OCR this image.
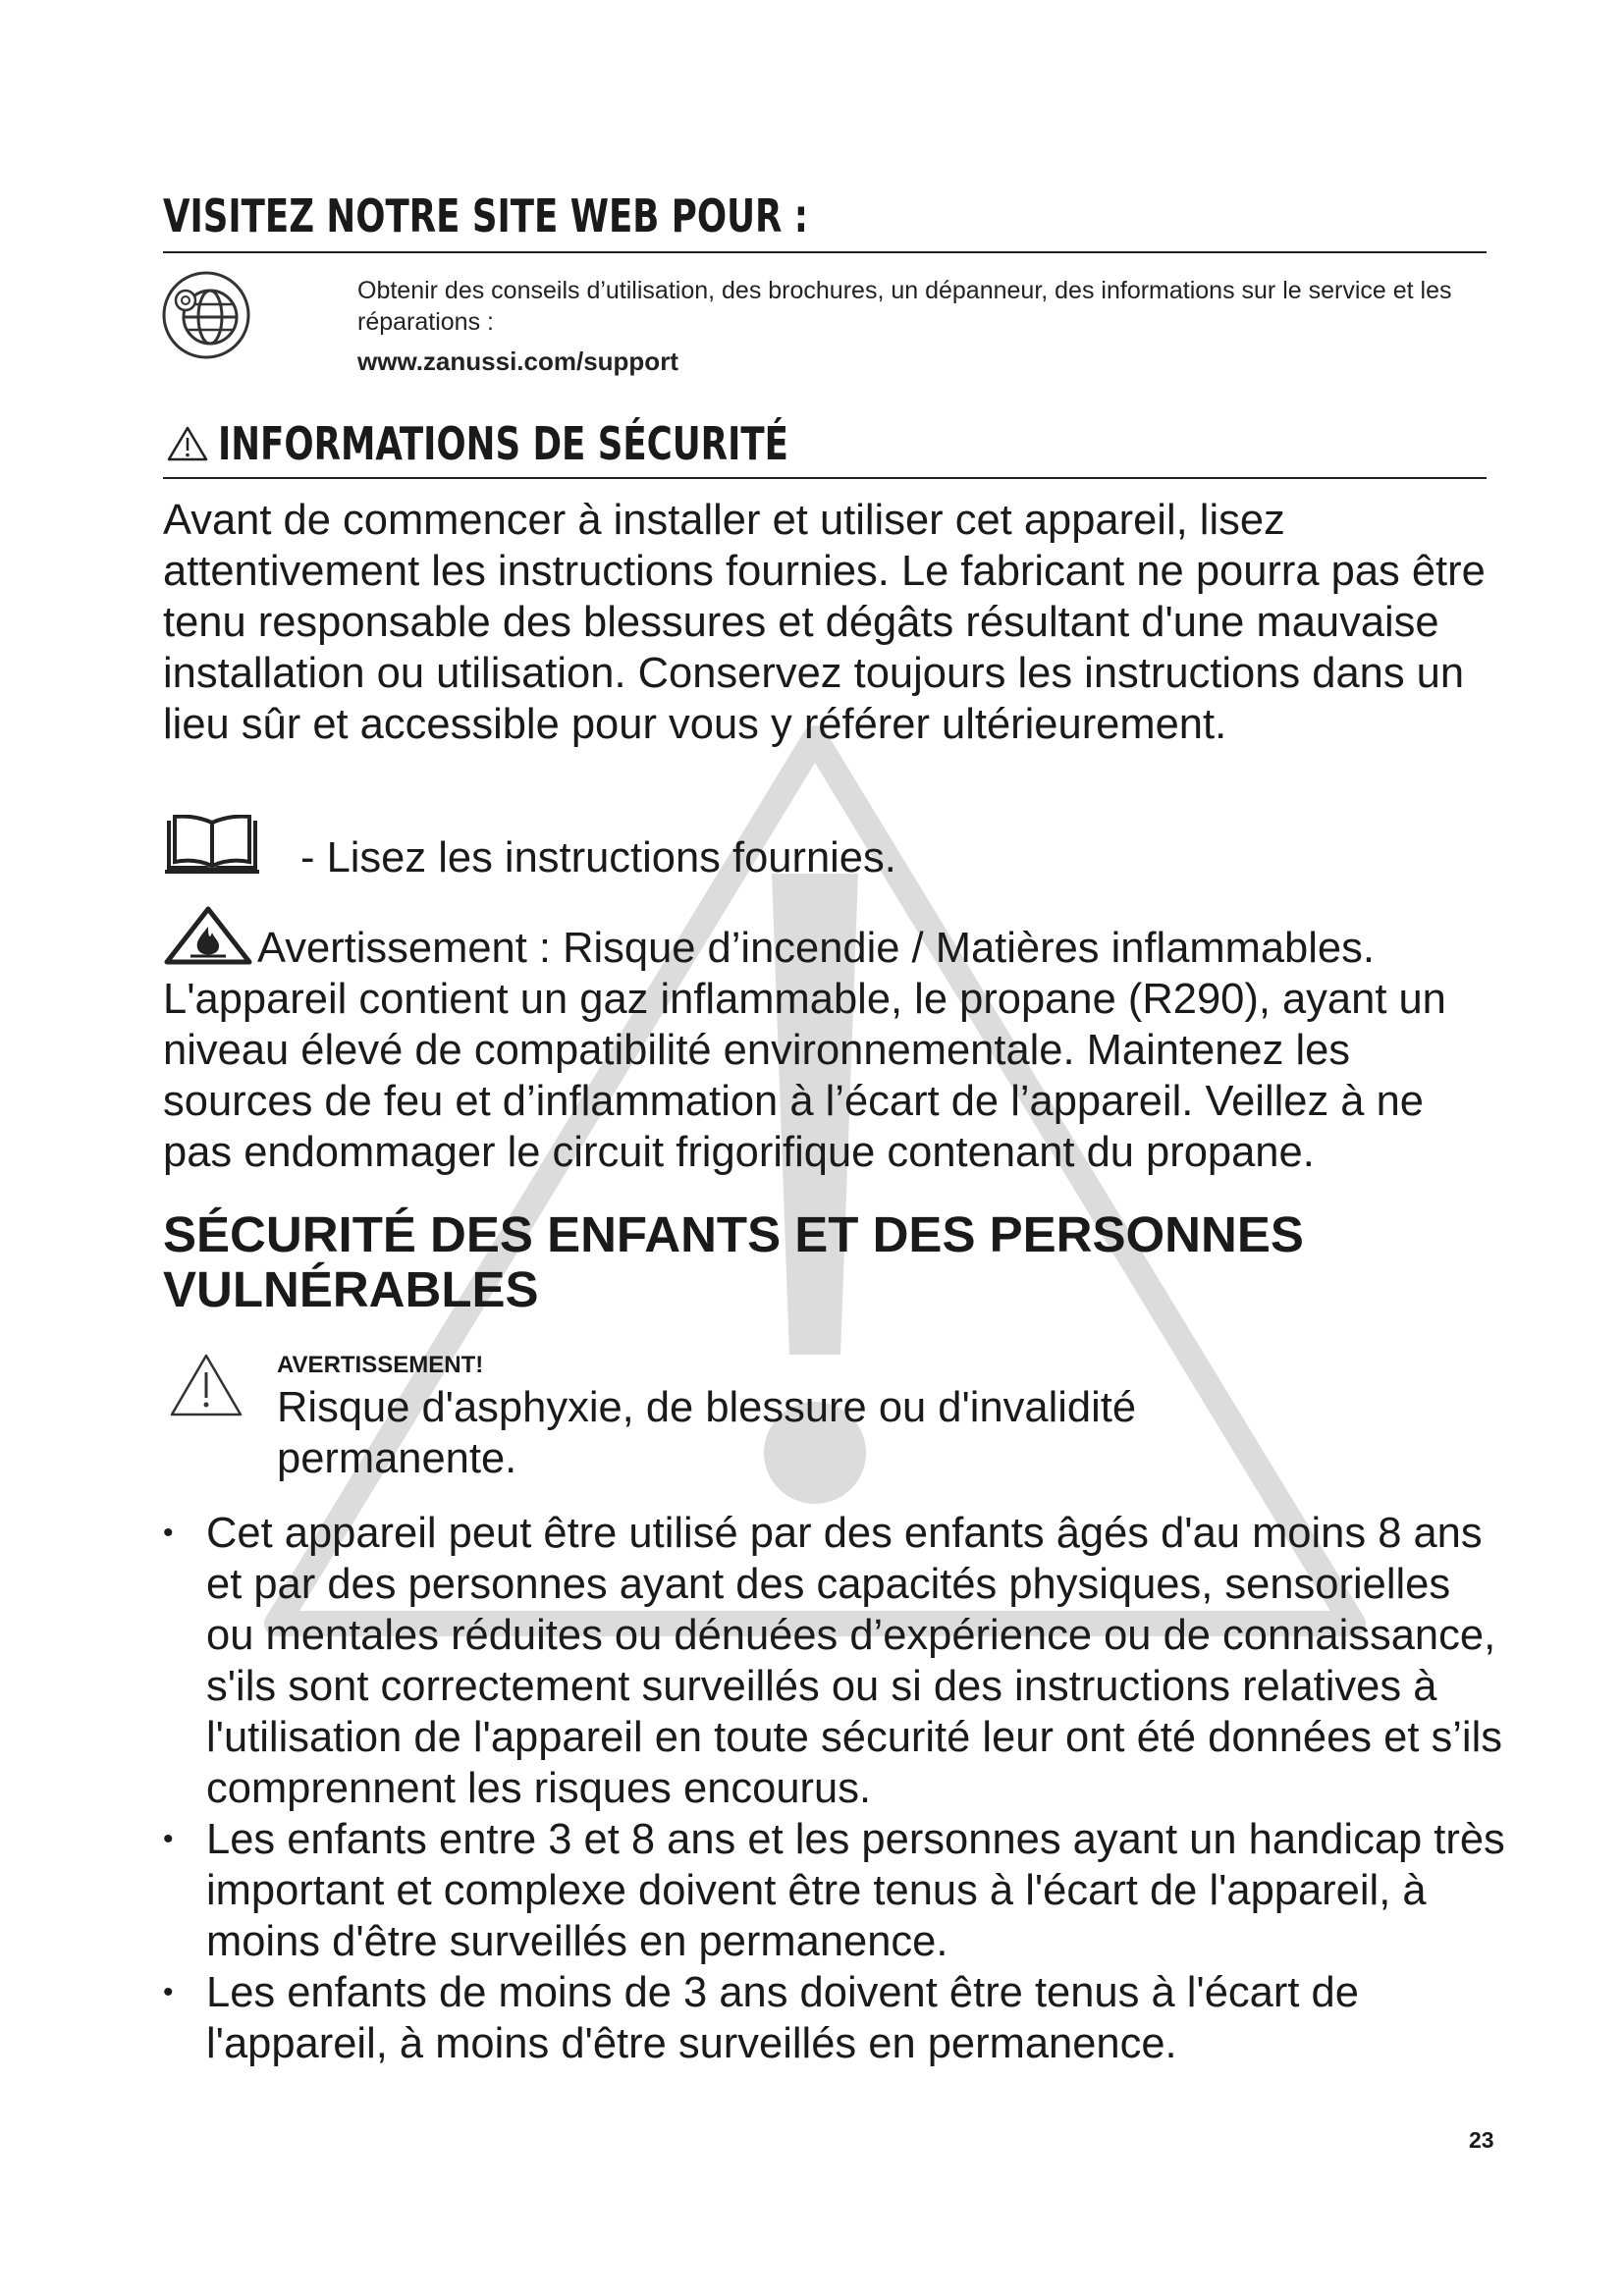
VISITEZ NOTRE SITE WEB POUR :
Obtenir des conseils d’utilisation, des brochures, un dépanneur, des informations sur le service et les réparations :
www.zanussi.com/support
INFORMATIONS DE SÉCURITÉ

Avant de commencer à installer et utiliser cet appareil, lisez attentivement les instructions fournies. Le fabricant ne pourra pas être tenu responsable des blessures et dégâts résultant d'une mauvaise installation ou utilisation. Conservez toujours les instructions dans un lieu sûr et accessible pour vous y référer ultérieurement.

- Lisez les instructions fournies.

Avertissement : Risque d’incendie / Matières inflammables. L'appareil contient un gaz inflammable, le propane (R290), ayant un niveau élevé de compatibilité environnementale. Maintenez les sources de feu et d’inflammation à l’écart de l’appareil. Veillez à ne pas endommager le circuit frigorifique contenant du propane.

SÉCURITÉ DES ENFANTS ET DES PERSONNES VULNÉRABLES
AVERTISSEMENT!

Risque d'asphyxie, de blessure ou d'invalidité permanente.

• Cet appareil peut être utilisé par des enfants âgés d'au moins 8 ans et par des personnes ayant des capacités physiques, sensorielles ou mentales réduites ou dénuées d’expérience ou de connaissance, s'ils sont correctement surveillés ou si des instructions relatives à l'utilisation de l'appareil en toute sécurité leur ont été données et s’ils comprennent les risques encourus.
• Les enfants entre 3 et 8 ans et les personnes ayant un handicap très important et complexe doivent être tenus à l'écart de l'appareil, à moins d'être surveillés en permanence.
• Les enfants de moins de 3 ans doivent être tenus à l'écart de l'appareil, à moins d'être surveillés en permanence.
23
